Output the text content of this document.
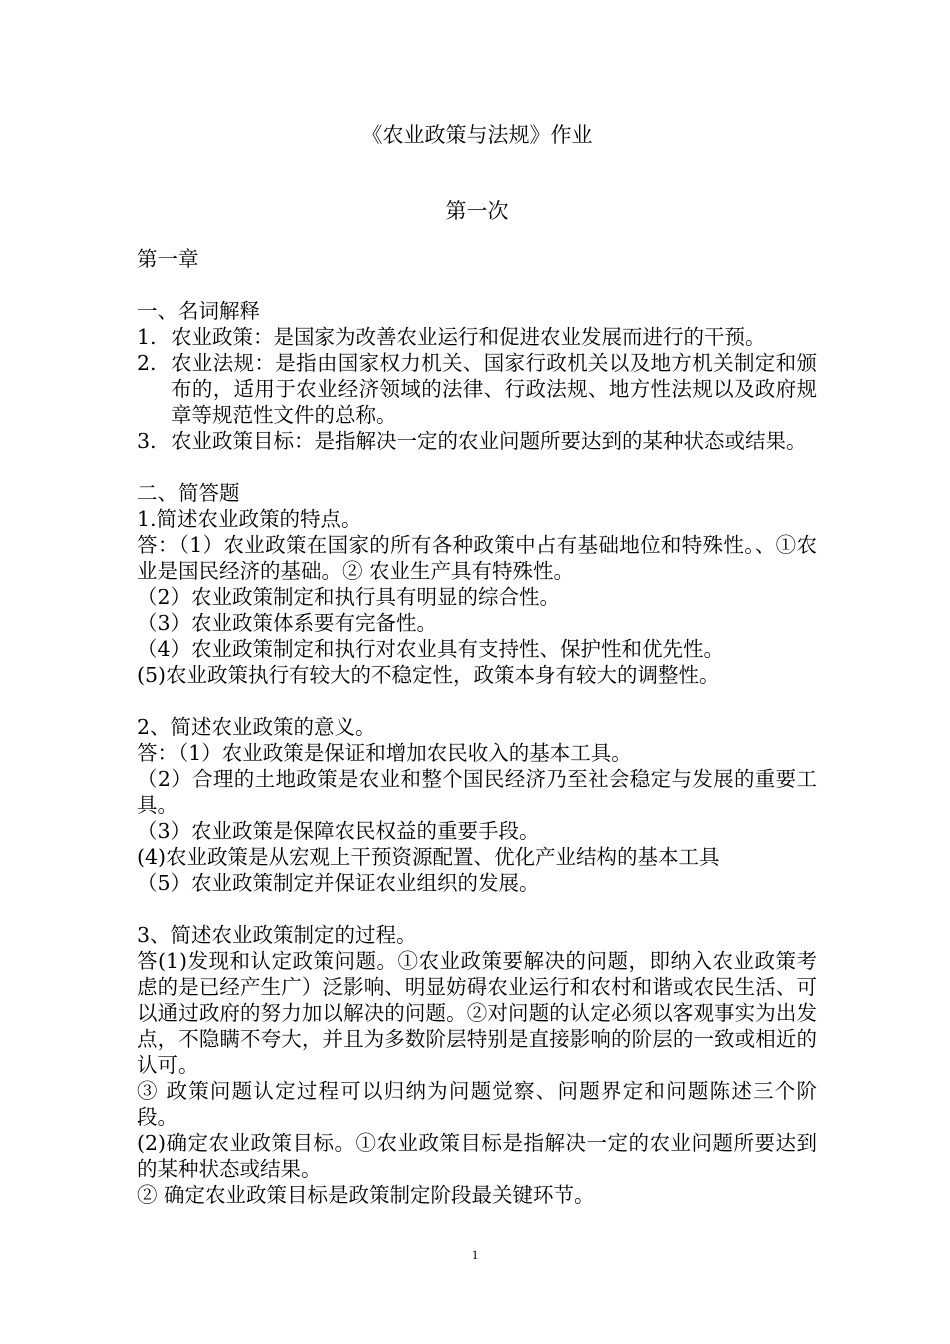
《农业政策与法规》作业
第一次

第一章

一、名词解释

1. 农业政策：是国家为改善农业运行和促进农业发展而进行的干预。
2. 农业法规：是指由国家权力机关、国家行政机关以及地方机关制定和颁布的，适用于农业经济领域的法律、行政法规、地方性法规以及政府规章等规范性文件的总称。
3. 农业政策目标：是指解决一定的农业问题所要达到的某种状态或结果。

二、简答题

1.简述农业政策的特点。

答：（1）农业政策在国家的所有各种政策中占有基础地位和特殊性。、①农业是国民经济的基础。② 农业生产具有特殊性。

（2）农业政策制定和执行具有明显的综合性。

（3）农业政策体系要有完备性。

（4）农业政策制定和执行对农业具有支持性、保护性和优先性。

(5)农业政策执行有较大的不稳定性，政策本身有较大的调整性。

2、简述农业政策的意义。

答：（1）农业政策是保证和增加农民收入的基本工具。

（2）合理的土地政策是农业和整个国民经济乃至社会稳定与发展的重要工具。

（3）农业政策是保障农民权益的重要手段。

(4)农业政策是从宏观上干预资源配置、优化产业结构的基本工具

（5）农业政策制定并保证农业组织的发展。

3、简述农业政策制定的过程。

答(1)发现和认定政策问题。①农业政策要解决的问题，即纳入农业政策考虑的是已经产生广）泛影响、明显妨碍农业运行和农村和谐或农民生活、可以通过政府的努力加以解决的问题。②对问题的认定必须以客观事实为出发点，不隐瞒不夸大，并且为多数阶层特别是直接影响的阶层的一致或相近的认可。

③ 政策问题认定过程可以归纳为问题觉察、问题界定和问题陈述三个阶段。

(2)确定农业政策目标。①农业政策目标是指解决一定的农业问题所要达到的某种状态或结果。

② 确定农业政策目标是政策制定阶段最关键环节。

1
